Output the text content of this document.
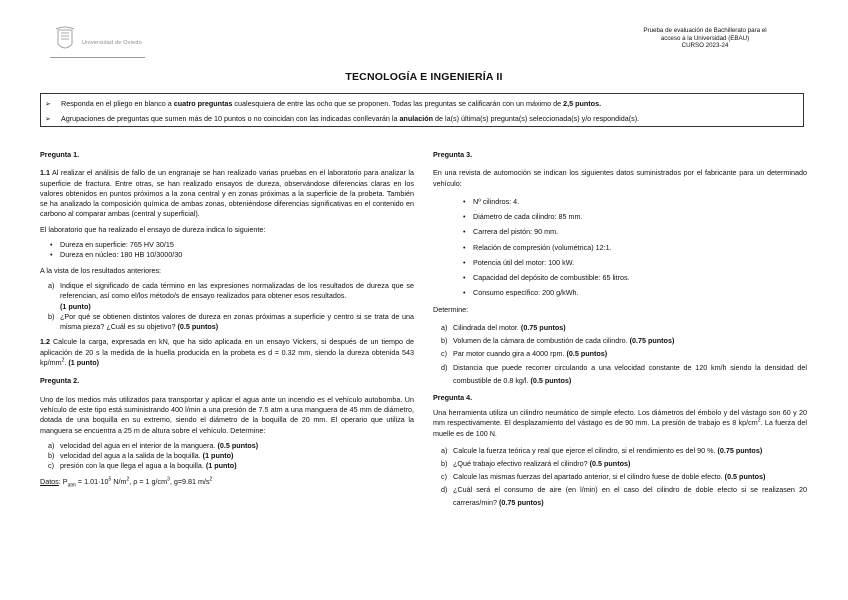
Universidad de Oviedo
Prueba de evaluación de Bachillerato para el
acceso a la Universidad (EBAU)
CURSO 2023-24
TECNOLOGÍA E INGENIERÍA II
➢ Responda en el pliego en blanco a cuatro preguntas cualesquiera de entre las ocho que se proponen. Todas las preguntas se calificarán con un máximo de 2,5 puntos.
➢ Agrupaciones de preguntas que sumen más de 10 puntos o no coincidan con las indicadas conllevarán la anulación de la(s) última(s) pregunta(s) seleccionada(s) y/o respondida(s).

Pregunta 1.

1.1 Al realizar el análisis de fallo de un engranaje se han realizado varias pruebas en el laboratorio para analizar la superficie de fractura. Entre otras, se han realizado ensayos de dureza, observándose diferencias claras en los valores obtenidos en puntos próximos a la zona central y en zonas próximas a la superficie de la probeta. También se ha analizado la composición química de ambas zonas, obteniéndose diferencias significativas en el contenido en carbono al comparar ambas (central y superficial).

El laboratorio que ha realizado el ensayo de dureza indica lo siguiente:

• Dureza en superficie: 765 HV 30/15
• Dureza en núcleo: 180 HB 10/3000/30

A la vista de los resultados anteriores:

a) Indique el significado de cada término en las expresiones normalizadas de los resultados de dureza que se referencian, así como el/los método/s de ensayo realizados para obtener esos resultados.
(1 punto)
b) ¿Por qué se obtienen distintos valores de dureza en zonas próximas a superficie y centro si se trata de una misma pieza? ¿Cuál es su objetivo? (0.5 puntos)

1.2 Calcule la carga, expresada en kN, que ha sido aplicada en un ensayo Vickers, si después de un tiempo de aplicación de 20 s la medida de la huella producida en la probeta es d = 0.32 mm, siendo la dureza obtenida 543 $kp/mm^2$. (1 punto)

Pregunta 2.

Uno de los medios más utilizados para transportar y aplicar el agua ante un incendio es el vehículo autobomba. Un vehículo de este tipo está suministrando 400 l/min a una presión de 7.5 atm a una manguera de 45 mm de diámetro, dotada de una boquilla en su extremo, siendo el diámetro de la boquilla de 20 mm. El operario que utiliza la manguera se encuentra a 25 m de altura sobre el vehículo. Determine:

a) velocidad del agua en el interior de la manguera. (0.5 puntos)
b) velocidad del agua a la salida de la boquilla. (1 punto)
c) presión con la que llega el agua a la boquilla. (1 punto)

Datos: $P_{atm} = 1.01\cdot 10^5$ $N/m^2$, ρ = 1 $g/cm^3$, g=9.81 $m/s^2$

Pregunta 3.

En una revista de automoción se indican los siguientes datos suministrados por el fabricante para un determinado vehículo:

• Nº cilindros: 4.
• Diámetro de cada cilindro: 85 mm.
• Carrera del pistón: 90 mm.
• Relación de compresión (volumétrica) 12:1.
• Potencia útil del motor: 100 kW.
• Capacidad del depósito de combustible: 65 litros.
• Consumo específico: 200 g/kWh.

Determine:

a) Cilindrada del motor. (0.75 puntos)
b) Volumen de la cámara de combustión de cada cilindro. (0.75 puntos)
c) Par motor cuando gira a 4000 rpm. (0.5 puntos)
d) Distancia que puede recorrer circulando a una velocidad constante de 120 km/h siendo la densidad del combustible de 0.8 kg/l. (0.5 puntos)

Pregunta 4.

Una herramienta utiliza un cilindro neumático de simple efecto. Los diámetros del émbolo y del vástago son 60 y 20 mm respectivamente. El desplazamiento del vástago es de 90 mm. La presión de trabajo es 8 $kp/cm^2$. La fuerza del muelle es de 100 N.

a) Calcule la fuerza teórica y real que ejerce el cilindro, si el rendimiento es del 90 %. (0.75 puntos)
b) ¿Qué trabajo efectivo realizará el cilindro? (0.5 puntos)
c) Calcule las mismas fuerzas del apartado anterior, si el cilindro fuese de doble efecto. (0.5 puntos)
d) ¿Cuál será el consumo de aire (en l/min) en el caso del cilindro de doble efecto si se realizasen 20 carreras/min? (0.75 puntos)
